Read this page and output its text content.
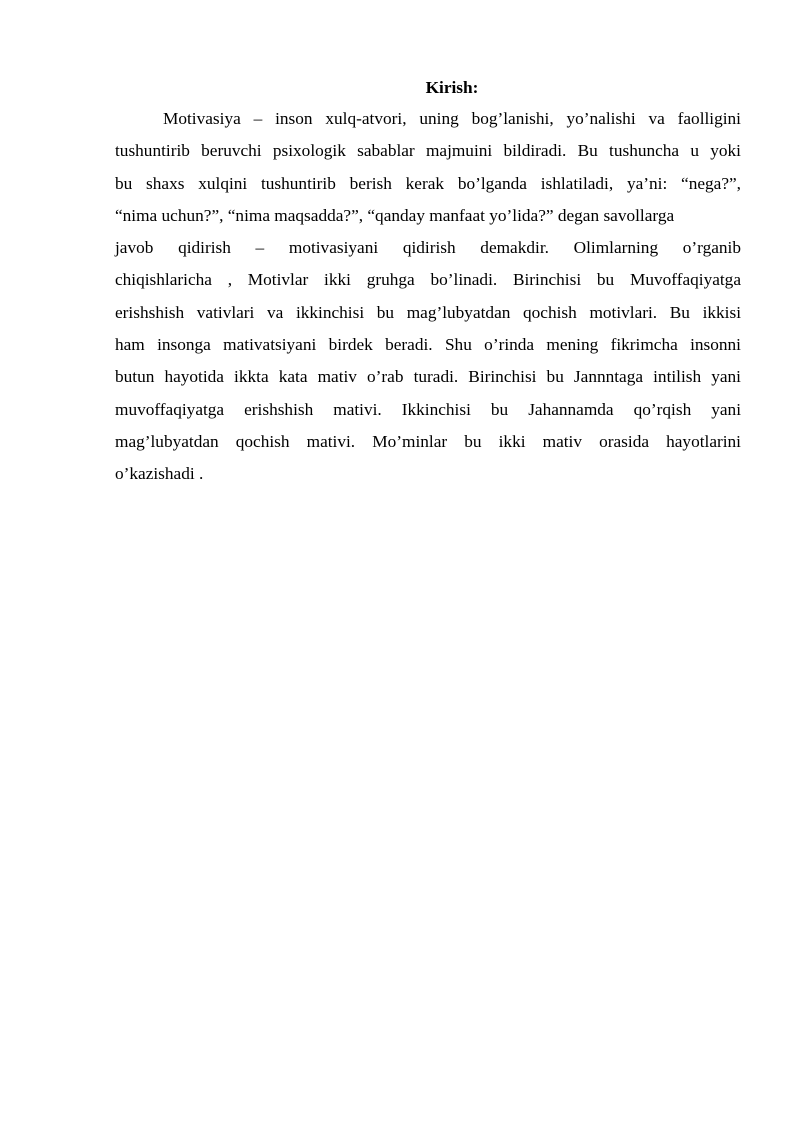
Kirish:

Motivasiya – inson xulq-atvori, uning bog’lanishi, yo’nalishi va faolligini
tushuntirib beruvchi psixologik sabablar majmuini bildiradi. Bu tushuncha u yoki
bu shaxs xulqini tushuntirib berish kerak bo’lganda ishlatiladi, ya’ni: “nega?”,
“nima uchun?”, “nima maqsadda?”, “qanday manfaat yo’lida?” degan savollarga
javob qidirish – motivasiyani qidirish demakdir. Olimlarning o’rganib
chiqishlaricha , Motivlar ikki gruhga bo’linadi. Birinchisi bu Muvoffaqiyatga
erishshish vativlari va ikkinchisi bu mag’lubyatdan qochish motivlari. Bu ikkisi
ham insonga mativatsiyani birdek beradi. Shu o’rinda mening fikrimcha insonni
butun hayotida ikkta kata mativ o’rab turadi. Birinchisi bu Jannntaga intilish yani
muvoffaqiyatga erishshish mativi. Ikkinchisi bu Jahannamda qo’rqish yani
mag’lubyatdan qochish mativi. Mo’minlar bu ikki mativ orasida hayotlarini
o’kazishadi .
